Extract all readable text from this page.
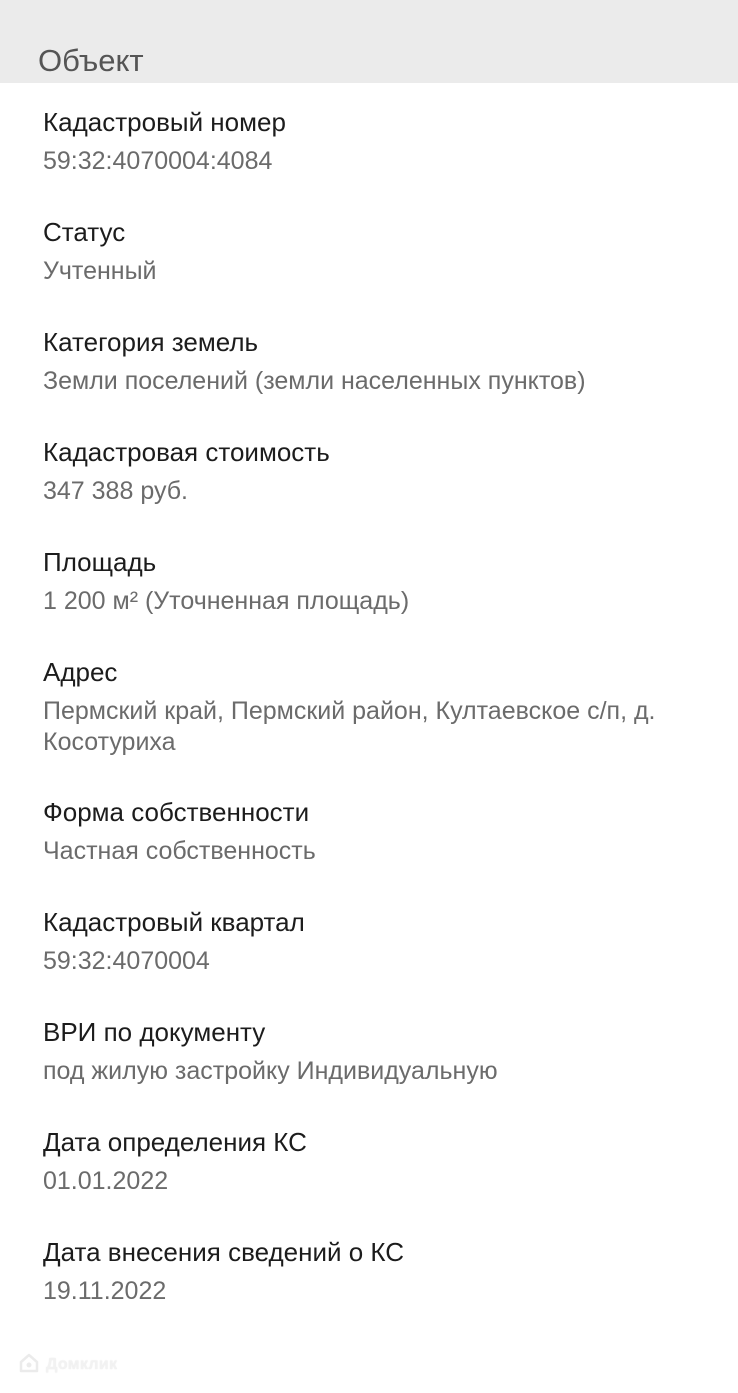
Объект
Кадастровый номер
59:32:4070004:4084
Статус
Учтенный
Категория земель
Земли поселений (земли населенных пунктов)
Кадастровая стоимость
347 388 руб.
Площадь
1 200 м² (Уточненная площадь)
Адрес
Пермский край, Пермский район, Култаевское с/п, д. Косотуриха
Форма собственности
Частная собственность
Кадастровый квартал
59:32:4070004
ВРИ по документу
под жилую застройку Индивидуальную
Дата определения КС
01.01.2022
Дата внесения сведений о КС
19.11.2022
Домклик
